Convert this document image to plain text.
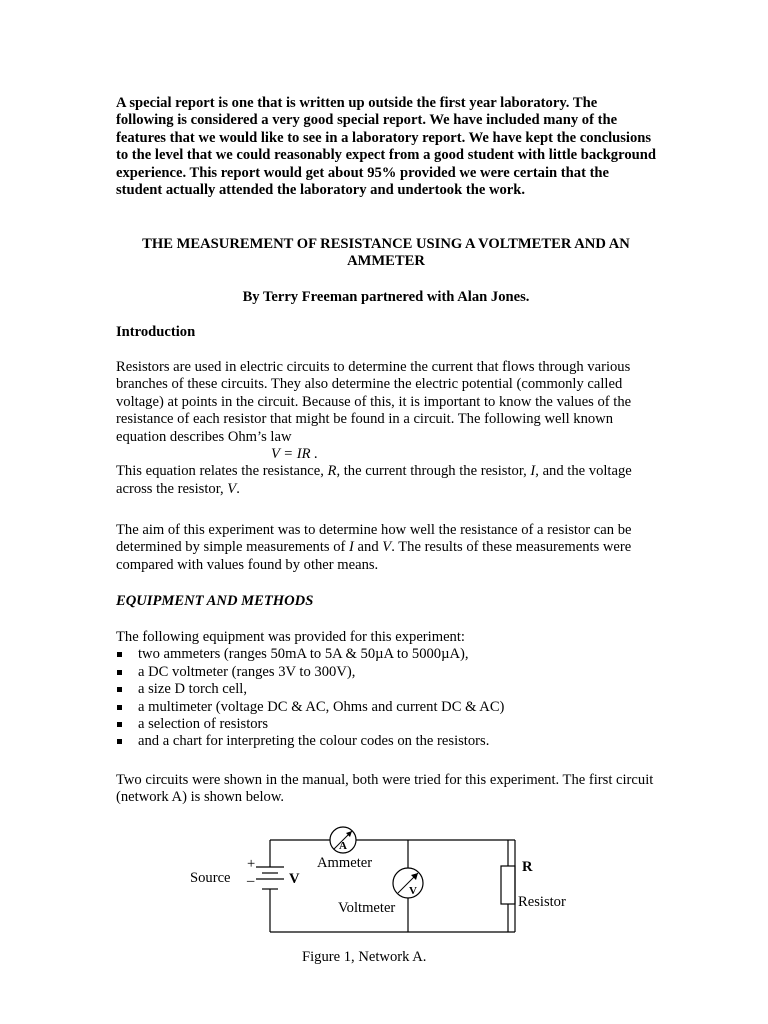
A special report is one that is written up outside the first year laboratory. The following is considered a very good special report. We have included many of the features that we would like to see in a laboratory report. We have kept the conclusions to the level that we could reasonably expect from a good student with little background experience. This report would get about 95% provided we were certain that the student actually attended the laboratory and undertook the work.

THE MEASUREMENT OF RESISTANCE USING A VOLTMETER AND AN AMMETER

By Terry Freeman partnered with Alan Jones.

Introduction

Resistors are used in electric circuits to determine the current that flows through various branches of these circuits. They also determine the electric potential (commonly called voltage) at points in the circuit. Because of this, it is important to know the values of the resistance of each resistor that might be found in a circuit. The following well known equation describes Ohm’s law
V = IR .
This equation relates the resistance, R, the current through the resistor, I, and the voltage across the resistor, V.

The aim of this experiment was to determine how well the resistance of a resistor can be determined by simple measurements of I and V. The results of these measurements were compared with values found by other means.

EQUIPMENT AND METHODS

The following equipment was provided for this experiment:
two ammeters (ranges 50mA to 5A & 50µA to 5000µA),
a DC voltmeter (ranges 3V to 300V),
a size D torch cell,
a multimeter (voltage DC & AC, Ohms and current DC & AC)
a selection of resistors
and a chart for interpreting the colour codes on the resistors.

Two circuits were shown in the manual, both were tried for this experiment. The first circuit (network A) is shown below.

A
V
Source
+
_ V
Ammeter
Voltmeter
R
Resistor
Figure 1, Network A.
